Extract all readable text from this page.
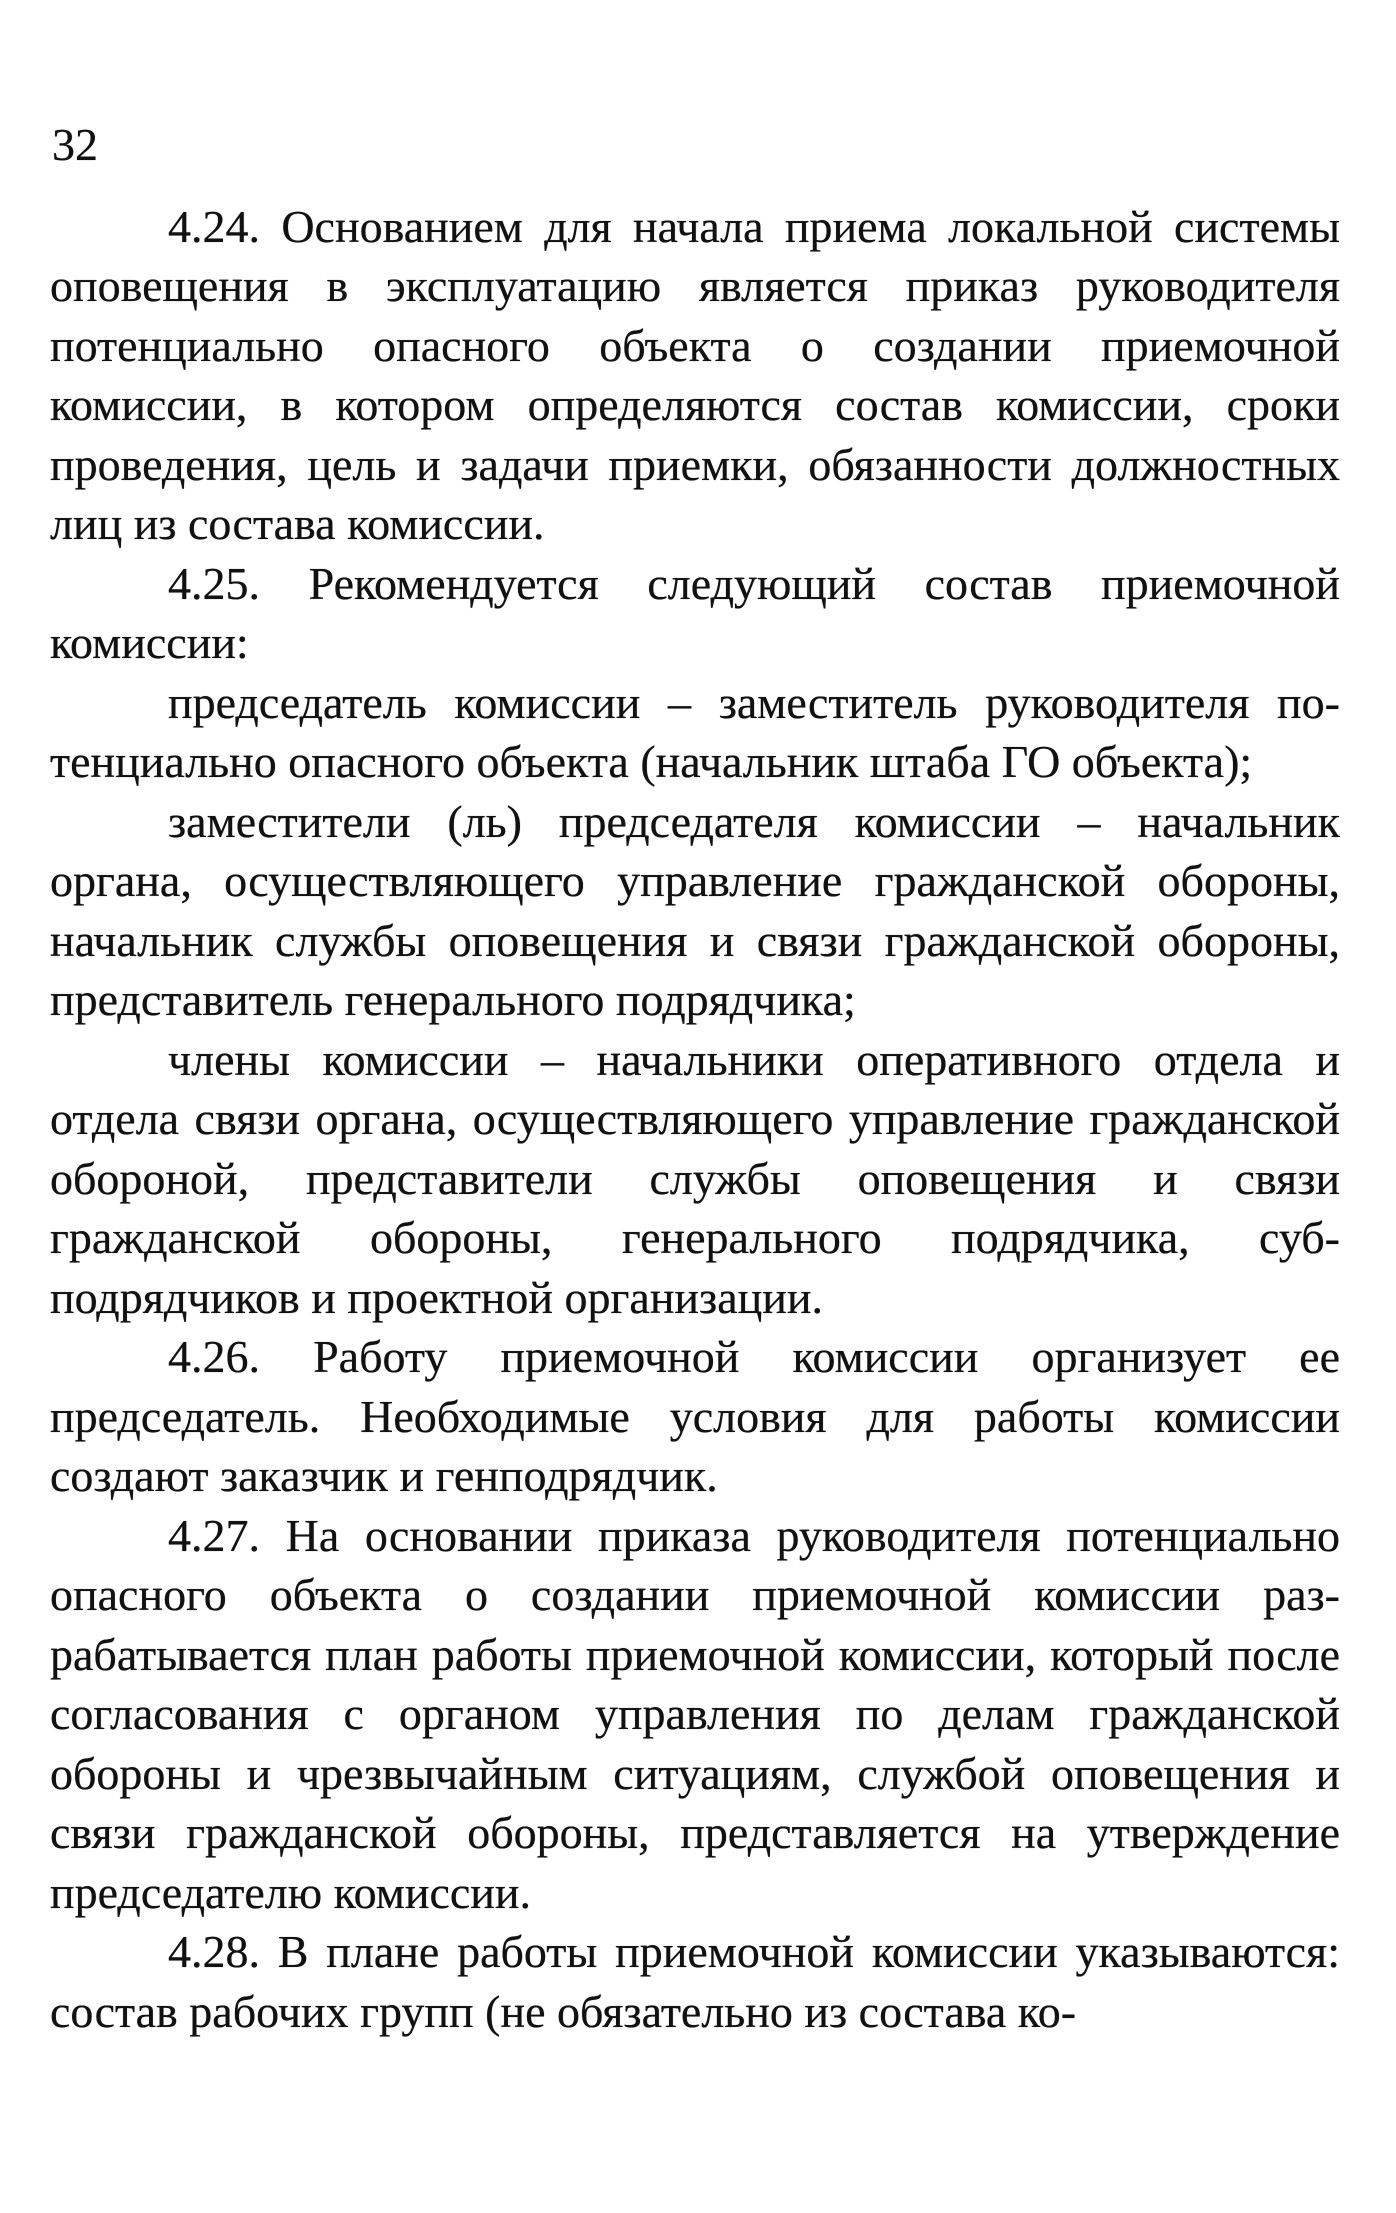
32

4.24. Основанием для начала приема локальной системы оповещения в эксплуатацию является приказ руководителя потенциально опасного объекта о создании приемочной комиссии, в котором определяются состав комиссии, сроки проведения, цель и задачи приемки, обязанности должностных лиц из состава комиссии.

4.25. Рекомендуется следующий состав приемочной комиссии:

председатель комиссии – заместитель руководителя потенциально опасного объекта (начальник штаба ГО объекта);

заместители (ль) председателя комиссии – начальник органа, осуществляющего управление гражданской обороны, начальник службы оповещения и связи гражданской обороны, представитель генерального подрядчика;

члены комиссии – начальники оперативного отдела и отдела связи органа, осуществляющего управление гражданской обороной, представители службы оповещения и связи гражданской обороны, генерального подрядчика, субподрядчиков и проектной организации.

4.26. Работу приемочной комиссии организует ее председатель. Необходимые условия для работы комиссии создают заказчик и генподрядчик.

4.27. На основании приказа руководителя потенциально опасного объекта о создании приемочной комиссии разрабатывается план работы приемочной комиссии, который после согласования с органом управления по делам гражданской обороны и чрезвычайным ситуациям, службой оповещения и связи гражданской обороны, представляется на утверждение председателю комиссии.

4.28. В плане работы приемочной комиссии указываются: состав рабочих групп (не обязательно из состава ко-
